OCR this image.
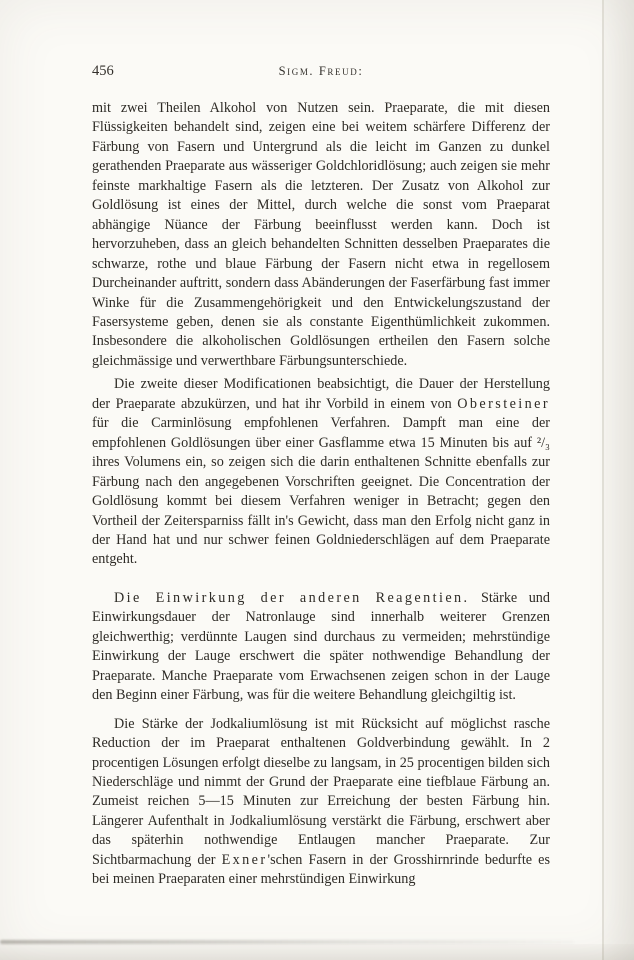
456	Sigm. Freud:

mit zwei Theilen Alkohol von Nutzen sein. Praeparate, die mit diesen Flüssigkeiten behandelt sind, zeigen eine bei weitem schärfere Differenz der Färbung von Fasern und Untergrund als die leicht im Ganzen zu dunkel gerathenden Praeparate aus wässeriger Goldchloridlösung; auch zeigen sie mehr feinste markhaltige Fasern als die letzteren. Der Zusatz von Alkohol zur Goldlösung ist eines der Mittel, durch welche die sonst vom Praeparat abhängige Nüance der Färbung beeinflusst werden kann. Doch ist hervorzuheben, dass an gleich behandelten Schnitten desselben Praeparates die schwarze, rothe und blaue Färbung der Fasern nicht etwa in regellosem Durcheinander auftritt, sondern dass Abänderungen der Faserfärbung fast immer Winke für die Zusammengehörigkeit und den Entwickelungszustand der Fasersysteme geben, denen sie als constante Eigenthümlichkeit zukommen. Insbesondere die alkoholischen Goldlösungen ertheilen den Fasern solche gleichmässige und verwerthbare Färbungsunterschiede.

Die zweite dieser Modificationen beabsichtigt, die Dauer der Herstellung der Praeparate abzukürzen, und hat ihr Vorbild in einem von Obersteiner für die Carminlösung empfohlenen Verfahren. Dampft man eine der empfohlenen Goldlösungen über einer Gasflamme etwa 15 Minuten bis auf ²/₃ ihres Volumens ein, so zeigen sich die darin enthaltenen Schnitte ebenfalls zur Färbung nach den angegebenen Vorschriften geeignet. Die Concentration der Goldlösung kommt bei diesem Verfahren weniger in Betracht; gegen den Vortheil der Zeitersparniss fällt in's Gewicht, dass man den Erfolg nicht ganz in der Hand hat und nur schwer feinen Goldniederschlägen auf dem Praeparate entgeht.

Die Einwirkung der anderen Reagentien. Stärke und Einwirkungsdauer der Natronlauge sind innerhalb weiterer Grenzen gleichwerthig; verdünnte Laugen sind durchaus zu vermeiden; mehrstündige Einwirkung der Lauge erschwert die später nothwendige Behandlung der Praeparate. Manche Praeparate vom Erwachsenen zeigen schon in der Lauge den Beginn einer Färbung, was für die weitere Behandlung gleichgiltig ist.

Die Stärke der Jodkaliumlösung ist mit Rücksicht auf möglichst rasche Reduction der im Praeparat enthaltenen Goldverbindung gewählt. In 2 procentigen Lösungen erfolgt dieselbe zu langsam, in 25 procentigen bilden sich Niederschläge und nimmt der Grund der Praeparate eine tiefblaue Färbung an. Zumeist reichen 5—15 Minuten zur Erreichung der besten Färbung hin. Längerer Aufenthalt in Jodkaliumlösung verstärkt die Färbung, erschwert aber das späterhin nothwendige Entlaugen mancher Praeparate. Zur Sichtbarmachung der Exner'schen Fasern in der Grosshirnrinde bedurfte es bei meinen Praeparaten einer mehrstündigen Einwirkung
